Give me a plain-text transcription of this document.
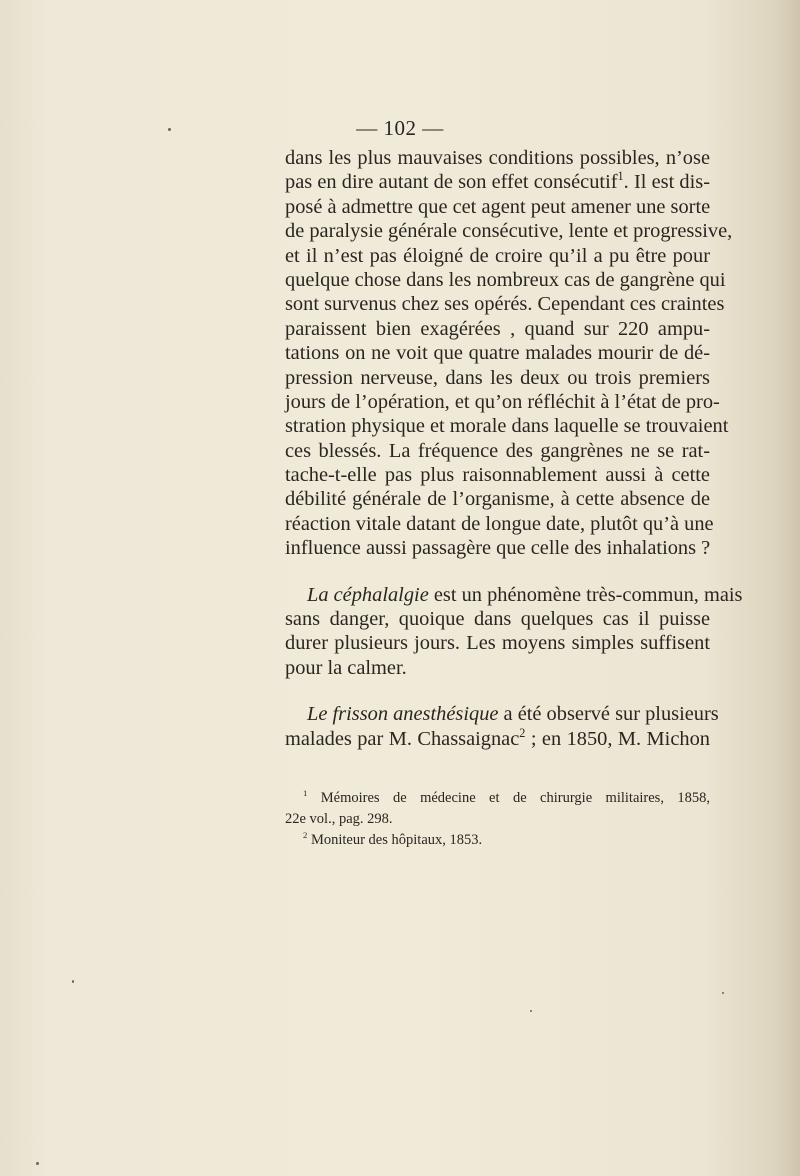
— 102 —
dans les plus mauvaises conditions possibles, n’ose
pas en dire autant de son effet consécutif$^1$. Il est dis-
posé à admettre que cet agent peut amener une sorte
de paralysie générale consécutive, lente et progressive,
et il n’est pas éloigné de croire qu’il a pu être pour
quelque chose dans les nombreux cas de gangrène qui
sont survenus chez ses opérés. Cependant ces craintes
paraissent bien exagérées , quand sur 220 ampu-
tations on ne voit que quatre malades mourir de dé-
pression nerveuse, dans les deux ou trois premiers
jours de l’opération, et qu’on réfléchit à l’état de pro-
stration physique et morale dans laquelle se trouvaient
ces blessés. La fréquence des gangrènes ne se rat-
tache-t-elle pas plus raisonnablement aussi à cette
débilité générale de l’organisme, à cette absence de
réaction vitale datant de longue date, plutôt qu’à une
influence aussi passagère que celle des inhalations ?
La céphalalgie est un phénomène très-commun, mais
sans danger, quoique dans quelques cas il puisse
durer plusieurs jours. Les moyens simples suffisent
pour la calmer.
Le frisson anesthésique a été observé sur plusieurs
malades par M. Chassaignac$^2$ ; en 1850, M. Michon
$^1$ Mémoires de médecine et de chirurgie militaires, 1858,
22e vol., pag. 298.
$^2$ Moniteur des hôpitaux, 1853.
